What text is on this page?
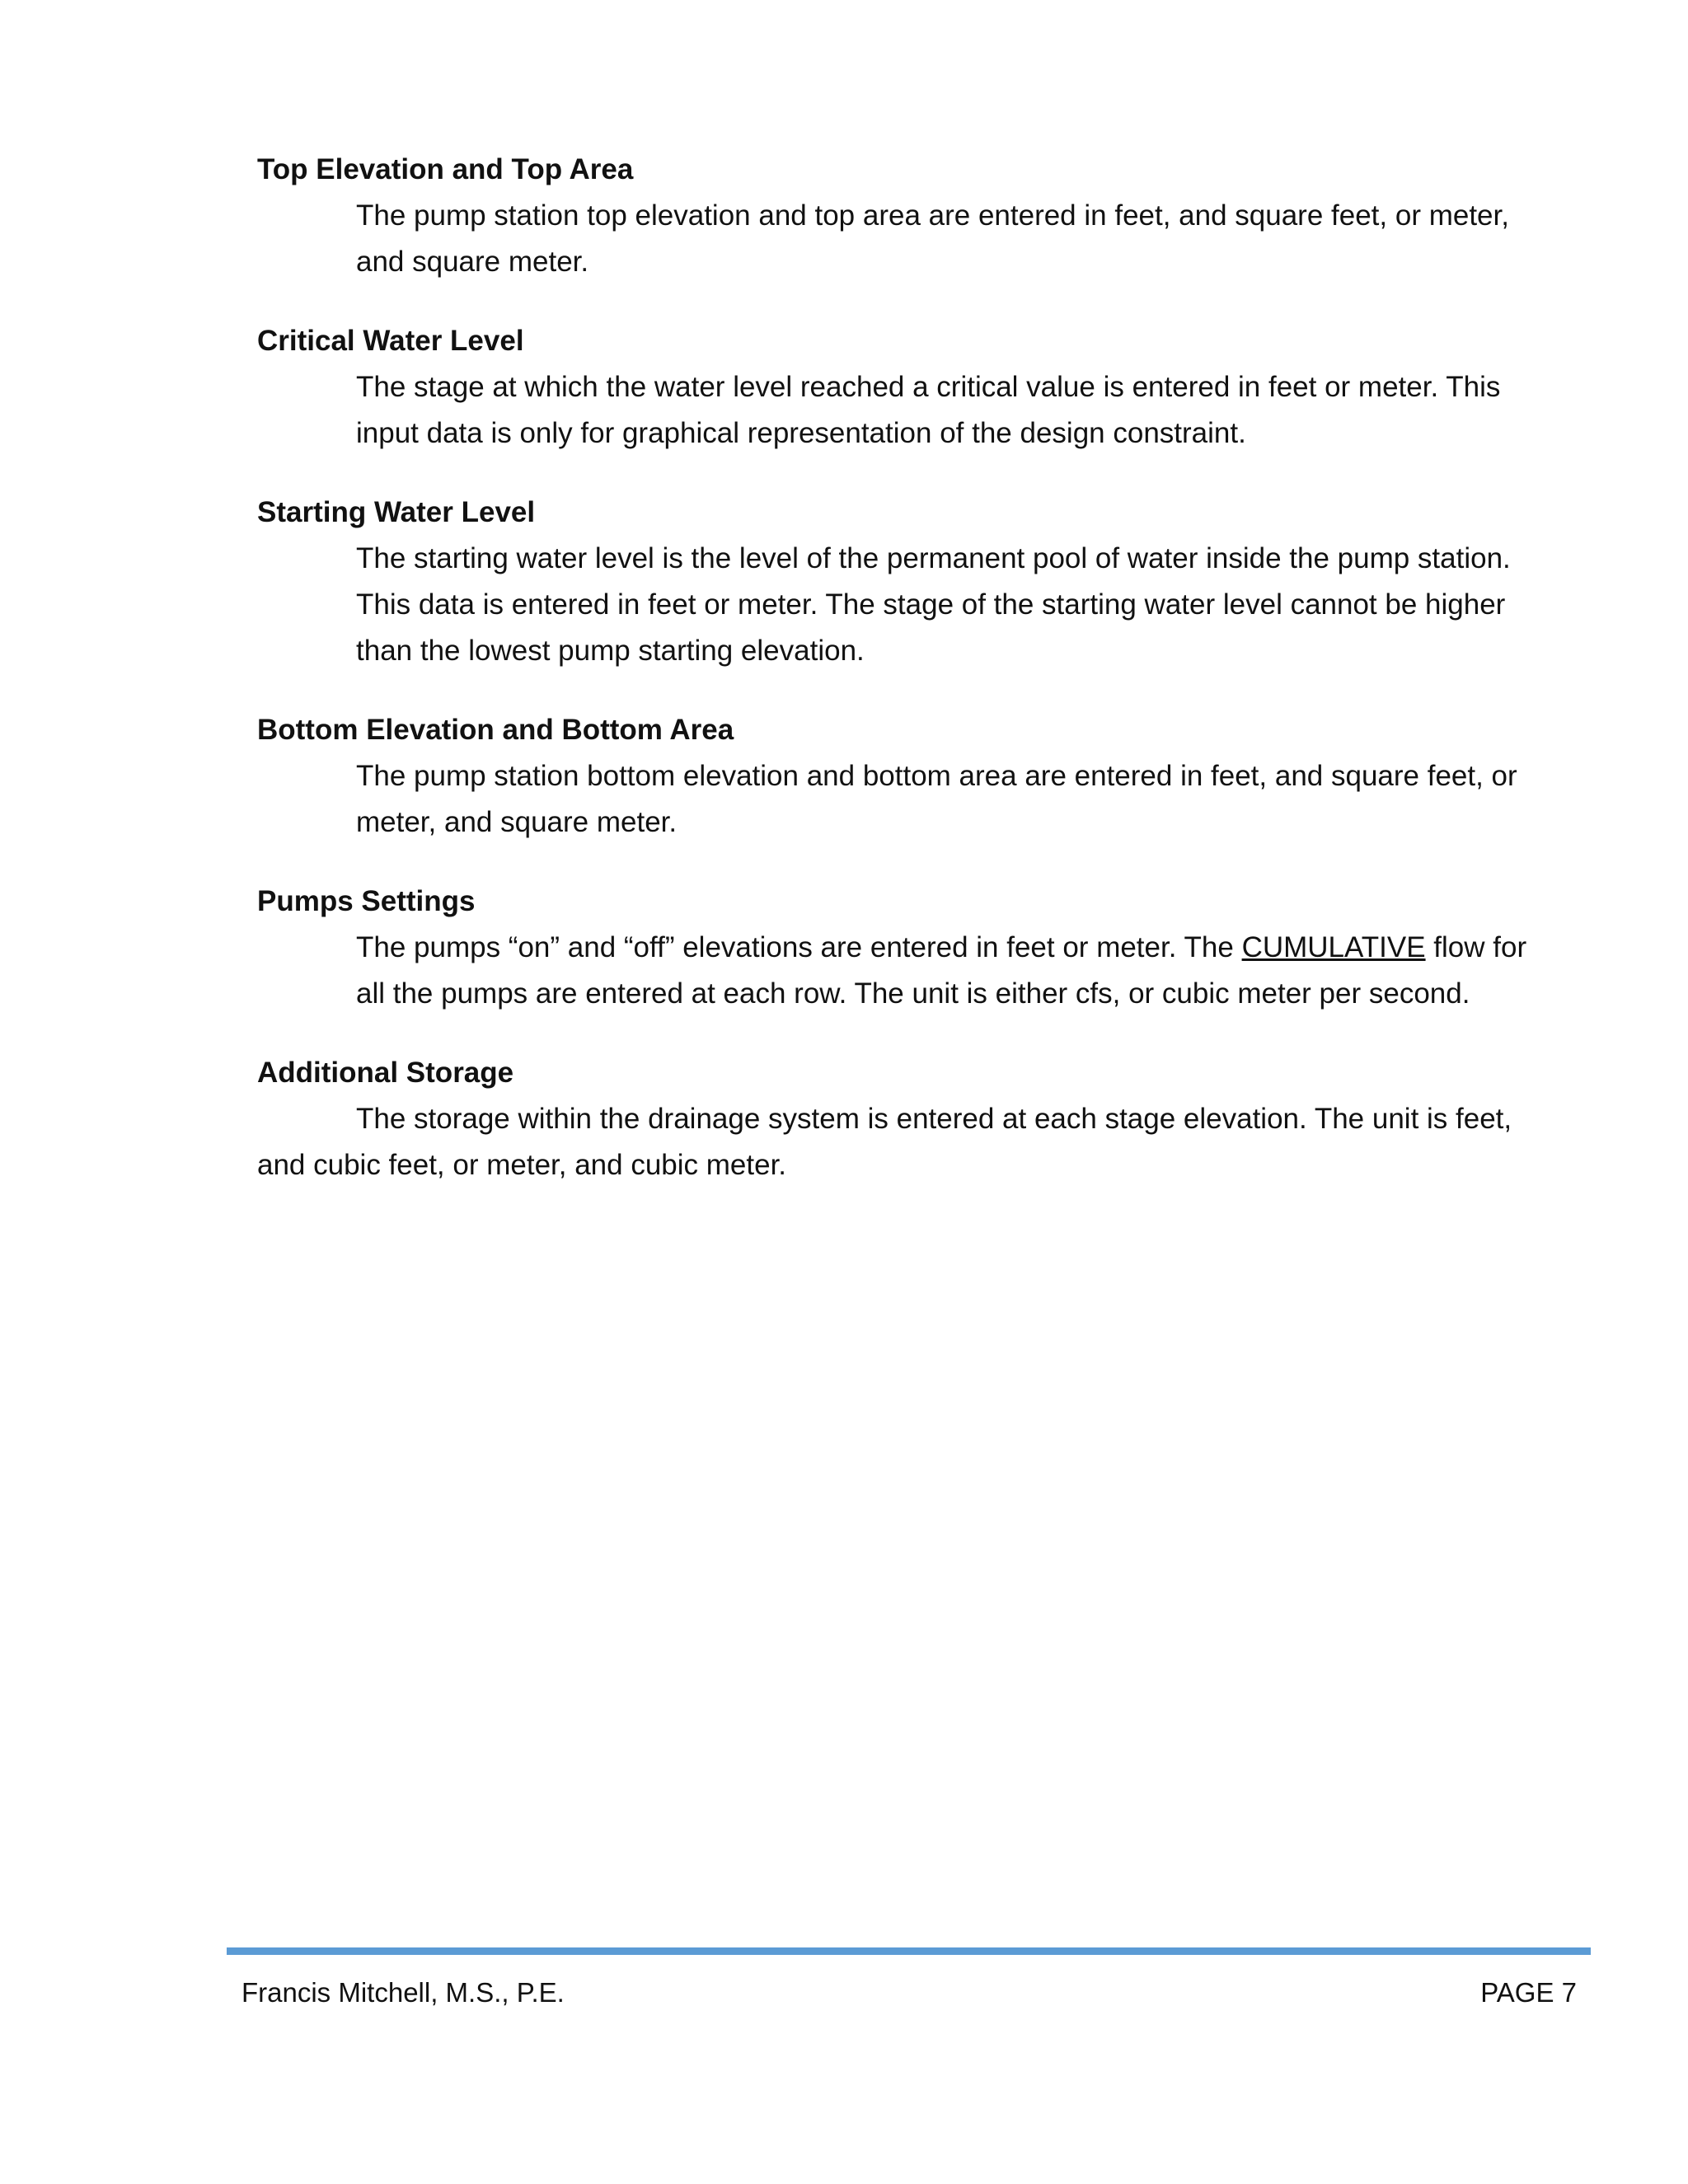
Top Elevation and Top Area
The pump station top elevation and top area are entered in feet, and square feet, or meter, and square meter.
Critical Water Level
The stage at which the water level reached a critical value is entered in feet or meter. This input data is only for graphical representation of the design constraint.
Starting Water Level
The starting water level is the level of the permanent pool of water inside the pump station. This data is entered in feet or meter. The stage of the starting water level cannot be higher than the lowest pump starting elevation.
Bottom Elevation and Bottom Area
The pump station bottom elevation and bottom area are entered in feet, and square feet, or meter, and square meter.
Pumps Settings
The pumps “on” and “off” elevations are entered in feet or meter. The CUMULATIVE flow for all the pumps are entered at each row. The unit is either cfs, or cubic meter per second.
Additional Storage
The storage within the drainage system is entered at each stage elevation. The unit is feet, and cubic feet, or meter, and cubic meter.
Francis Mitchell, M.S., P.E.	PAGE 7
